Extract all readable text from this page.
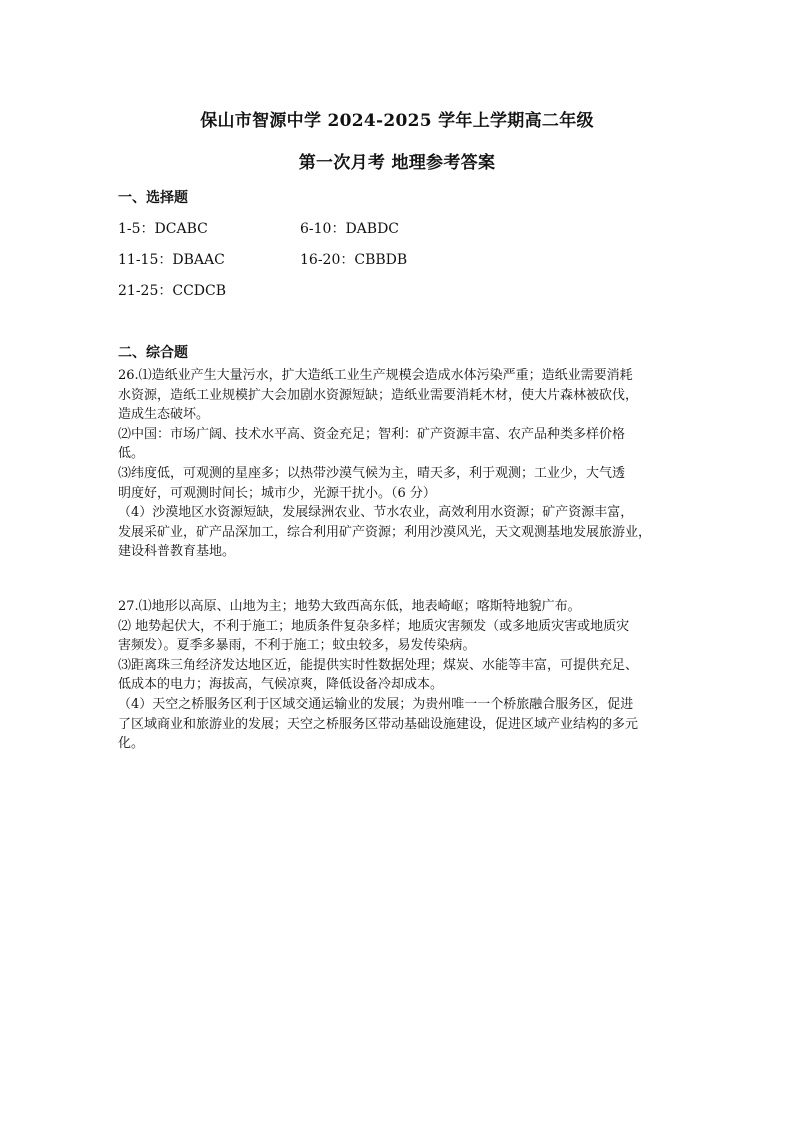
保山市智源中学 2024-2025 学年上学期高二年级
第一次月考 地理参考答案
一、选择题
1-5：DCABC	6-10：DABDC
11-15：DBAAC	16-20：CBBDB
21-25：CCDCB
二、综合题

26.⑴造纸业产生大量污水，扩大造纸工业生产规模会造成水体污染严重；造纸业需要消耗

水资源，造纸工业规模扩大会加剧水资源短缺；造纸业需要消耗木材，使大片森林被砍伐，

造成生态破坏。

⑵中国：市场广阔、技术水平高、资金充足；智利：矿产资源丰富、农产品种类多样价格

低。

⑶纬度低，可观测的星座多；以热带沙漠气候为主，晴天多，利于观测；工业少，大气透

明度好，可观测时间长；城市少，光源干扰小。（6 分）

（4）沙漠地区水资源短缺，发展绿洲农业、节水农业，高效利用水资源；矿产资源丰富，

发展采矿业，矿产品深加工，综合利用矿产资源；利用沙漠风光，天文观测基地发展旅游业，

建设科普教育基地。

27.⑴地形以高原、山地为主；地势大致西高东低，地表崎岖；喀斯特地貌广布。

⑵ 地势起伏大，不利于施工；地质条件复杂多样；地质灾害频发（或多地质灾害或地质灾

害频发）。夏季多暴雨，不利于施工；蚊虫较多，易发传染病。

⑶距离珠三角经济发达地区近，能提供实时性数据处理；煤炭、水能等丰富，可提供充足、

低成本的电力；海拔高，气候凉爽，降低设备冷却成本。

（4）天空之桥服务区利于区域交通运输业的发展；为贵州唯一一个桥旅融合服务区，促进

了区域商业和旅游业的发展；天空之桥服务区带动基础设施建设，促进区域产业结构的多元

化。
